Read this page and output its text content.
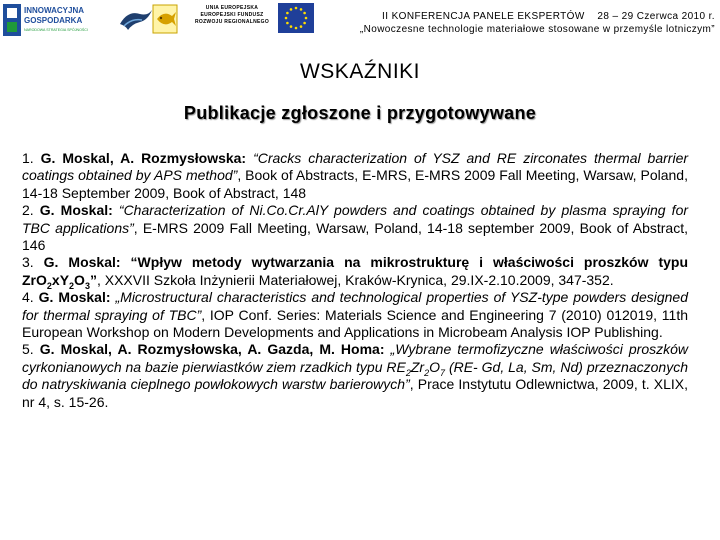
INNOWACYJNA
GOSPODARKA
NARODOWA STRATEGIA SPÓJNOŚCI
UNIA EUROPEJSKA
EUROPEJSKI FUNDUSZ
ROZWOJU REGIONALNEGO	II KONFERENCJA PANELE EKSPERTÓW    28 – 29 Czerwca 2010 r.
„Nowoczesne technologie materiałowe stosowane w przemyśle lotniczym”
WSKAŹNIKI
Publikacje zgłoszone i przygotowywane

1. G. Moskal, A. Rozmysłowska: “Cracks characterization of YSZ and RE zirconates thermal barrier coatings obtained by APS method”, Book of Abstracts, E-MRS, E-MRS 2009 Fall Meeting, Warsaw, Poland, 14-18 September 2009, Book of Abstract, 148

2. G. Moskal: “Characterization of Ni.Co.Cr.AlY powders and coatings obtained by plasma spraying for TBC applications”, E-MRS 2009 Fall Meeting, Warsaw, Poland, 14-18 september 2009, Book of Abstract, 146

3. G. Moskal: “Wpływ metody wytwarzania na mikrostrukturę i właściwości proszków typu $ZrO_2xY_2O_3$”, XXXVII Szkoła Inżynierii Materiałowej, Kraków-Krynica, 29.IX-2.10.2009, 347-352.

4. G. Moskal: „Microstructural characteristics and technological properties of YSZ-type powders designed for thermal spraying of TBC”, IOP Conf. Series: Materials Science and Engineering 7 (2010) 012019, 11th European Workshop on Modern Developments and Applications in Microbeam Analysis IOP Publishing.

5. G. Moskal, A. Rozmysłowska, A. Gazda, M. Homa: „Wybrane termofizyczne właściwości proszków cyrkonianowych na bazie pierwiastków ziem rzadkich typu $RE_2Zr_2O_7$ (RE- Gd, La, Sm, Nd) przeznaczonych do natryskiwania cieplnego powłokowych warstw barierowych”, Prace Instytutu Odlewnictwa, 2009, t. XLIX, nr 4, s. 15-26.
